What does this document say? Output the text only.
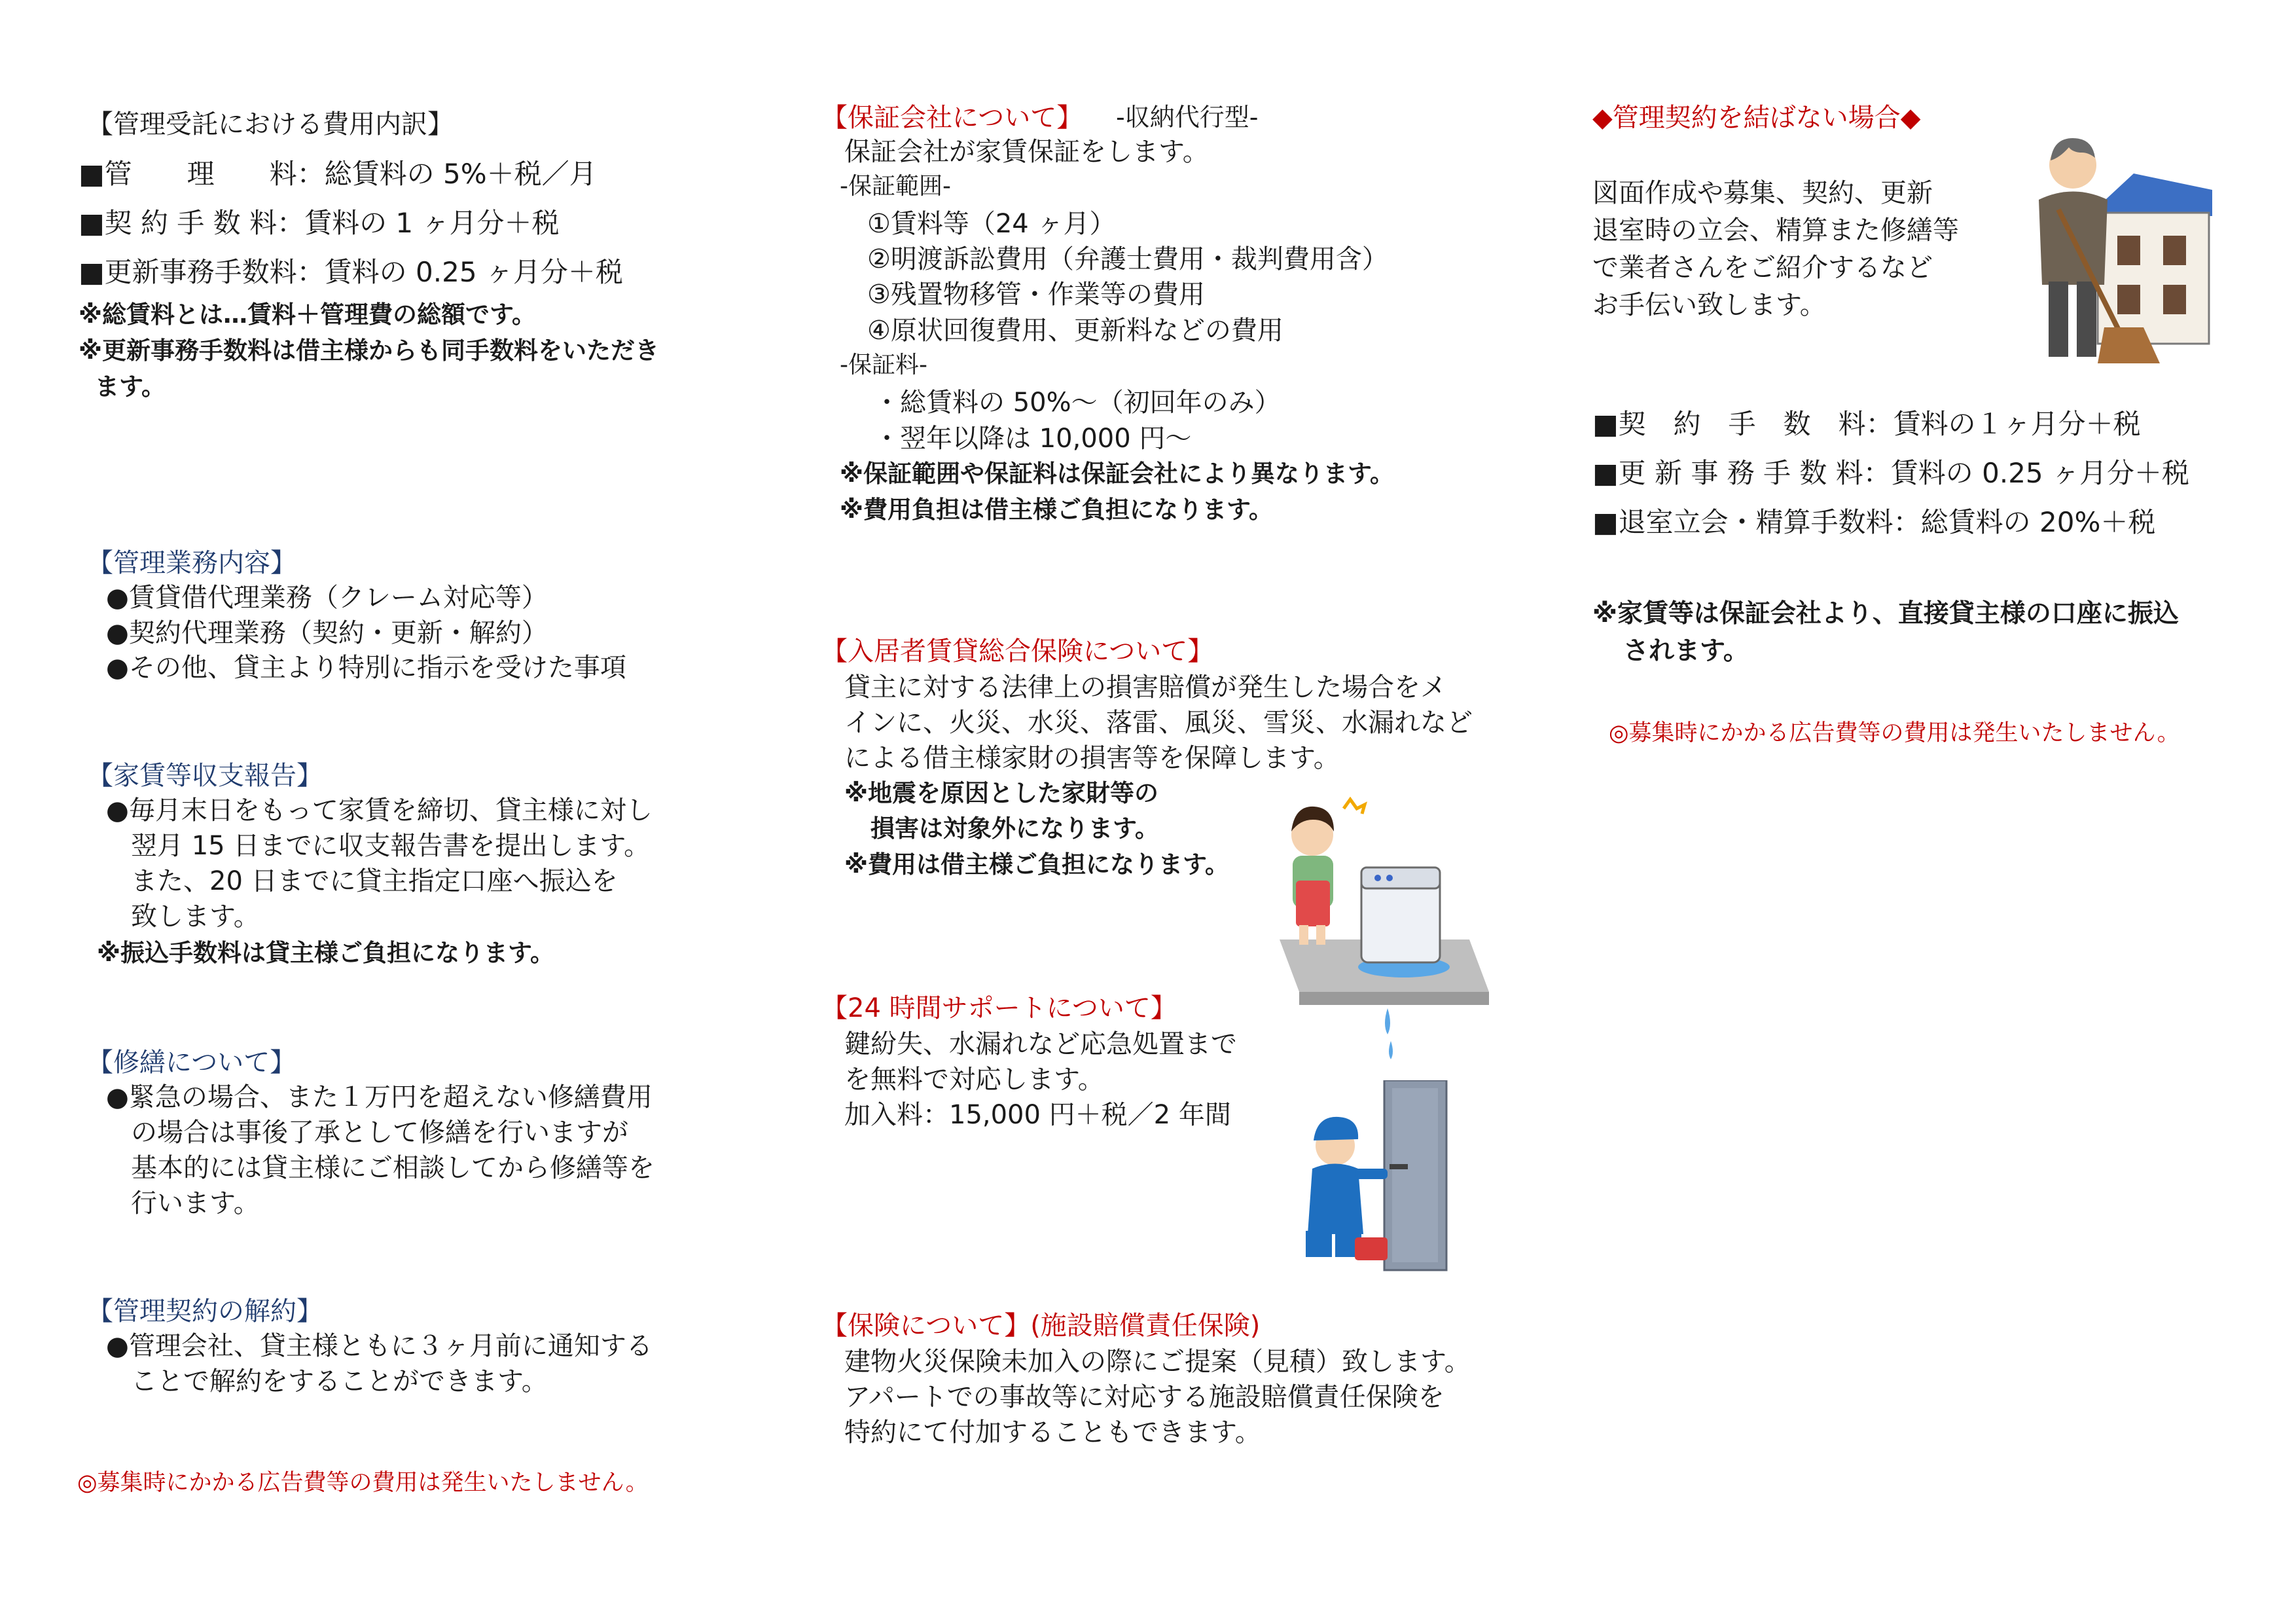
【管理受託における費用内訳】
■管　　理　　料：総賃料の 5%＋税／月
■契 約 手 数 料：賃料の 1 ヶ月分＋税
■更新事務手数料：賃料の 0.25 ヶ月分＋税
※総賃料とは…賃料＋管理費の総額です。
※更新事務手数料は借主様からも同手数料をいただき
ます。
【管理業務内容】
●賃貸借代理業務（クレーム対応等）
●契約代理業務（契約・更新・解約）
●その他、貸主より特別に指示を受けた事項
【家賃等収支報告】
●毎月末日をもって家賃を締切、貸主様に対し
翌月 15 日までに収支報告書を提出します。
また、20 日までに貸主指定口座へ振込を
致します。
※振込手数料は貸主様ご負担になります。
【修繕について】
●緊急の場合、また１万円を超えない修繕費用
の場合は事後了承として修繕を行いますが
基本的には貸主様にご相談してから修繕等を
行います。
【管理契約の解約】
●管理会社、貸主様ともに３ヶ月前に通知する
ことで解約をすることができます。
◎募集時にかかる広告費等の費用は発生いたしません。
【保証会社について】 -収納代行型-
保証会社が家賃保証をします。
-保証範囲-
①賃料等（24 ヶ月）
②明渡訴訟費用（弁護士費用・裁判費用含）
③残置物移管・作業等の費用
④原状回復費用、更新料などの費用
-保証料-
・総賃料の 50%～（初回年のみ）
・翌年以降は 10,000 円～
※保証範囲や保証料は保証会社により異なります。
※費用負担は借主様ご負担になります。
【入居者賃貸総合保険について】
貸主に対する法律上の損害賠償が発生した場合をメ
インに、火災、水災、落雷、風災、雪災、水漏れなど
による借主様家財の損害等を保障します。
※地震を原因とした家財等の
損害は対象外になります。
※費用は借主様ご負担になります。
【24 時間サポートについて】
鍵紛失、水漏れなど応急処置まで
を無料で対応します。
加入料：15,000 円＋税／2 年間
【保険について】(施設賠償責任保険)
建物火災保険未加入の際にご提案（見積）致します。
アパートでの事故等に対応する施設賠償責任保険を
特約にて付加することもできます。
◆管理契約を結ばない場合◆
図面作成や募集、契約、更新
退室時の立会、精算また修繕等
で業者さんをご紹介するなど
お手伝い致します。
■契　約　手　数　料：賃料の１ヶ月分＋税
■更 新 事 務 手 数 料：賃料の 0.25 ヶ月分＋税
■退室立会・精算手数料：総賃料の 20%＋税
※家賃等は保証会社より、直接貸主様の口座に振込
されます。
◎募集時にかかる広告費等の費用は発生いたしません。
